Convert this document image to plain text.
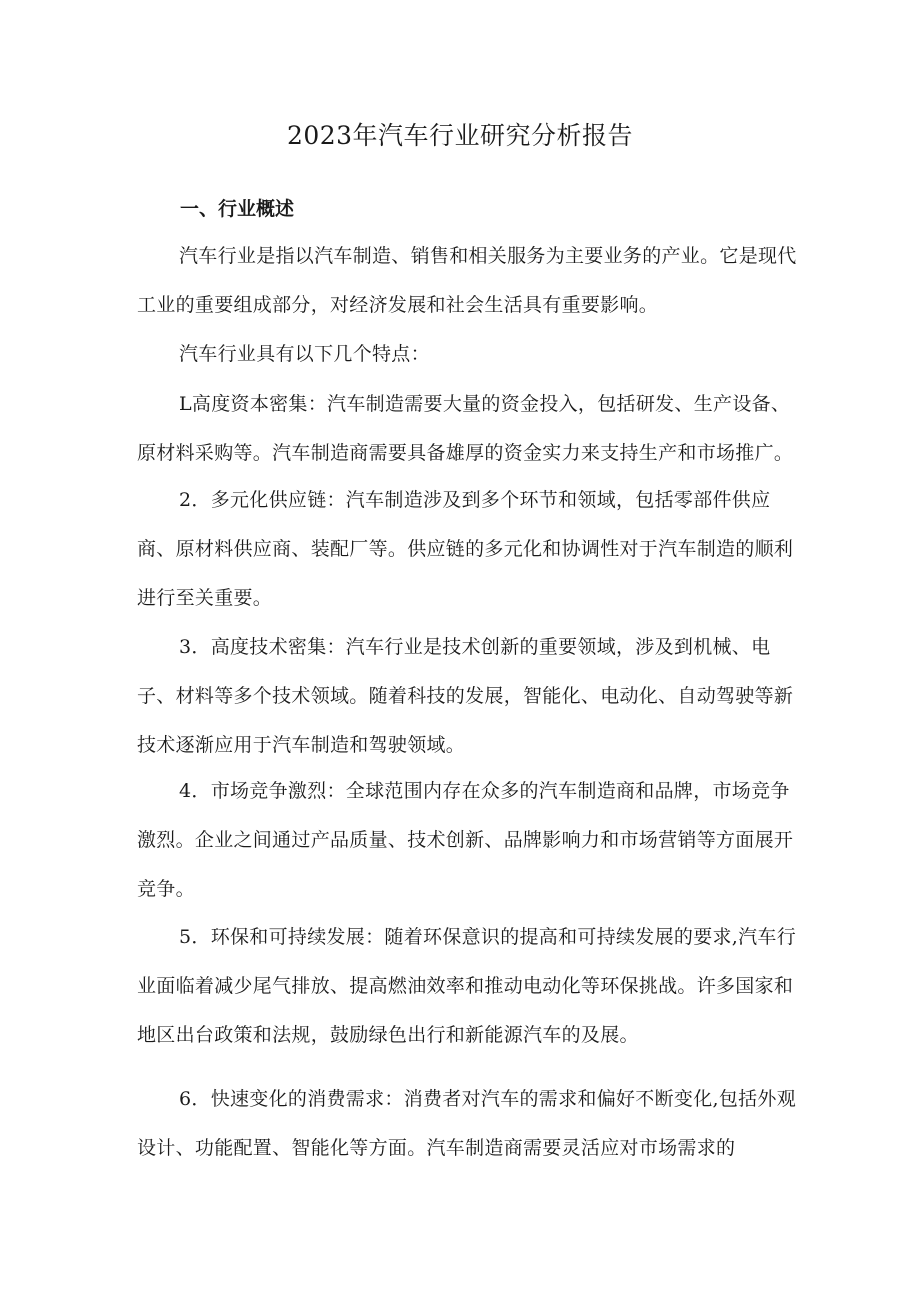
2023年汽车行业研究分析报告
一、行业概述

汽车行业是指以汽车制造、销售和相关服务为主要业务的产业。它是现代工业的重要组成部分，对经济发展和社会生活具有重要影响。

汽车行业具有以下几个特点：

L高度资本密集：汽车制造需要大量的资金投入，包括研发、生产设备、原材料采购等。汽车制造商需要具备雄厚的资金实力来支持生产和市场推广。

2．多元化供应链：汽车制造涉及到多个环节和领域，包括零部件供应商、原材料供应商、装配厂等。供应链的多元化和协调性对于汽车制造的顺利进行至关重要。

3．高度技术密集：汽车行业是技术创新的重要领域，涉及到机械、电子、材料等多个技术领域。随着科技的发展，智能化、电动化、自动驾驶等新技术逐渐应用于汽车制造和驾驶领域。

4．市场竞争激烈：全球范围内存在众多的汽车制造商和品牌，市场竞争激烈。企业之间通过产品质量、技术创新、品牌影响力和市场营销等方面展开竞争。

5．环保和可持续发展：随着环保意识的提高和可持续发展的要求,汽车行业面临着减少尾气排放、提高燃油效率和推动电动化等环保挑战。许多国家和地区出台政策和法规，鼓励绿色出行和新能源汽车的及展。

6．快速变化的消费需求：消费者对汽车的需求和偏好不断变化,包括外观设计、功能配置、智能化等方面。汽车制造商需要灵活应对市场需求的
